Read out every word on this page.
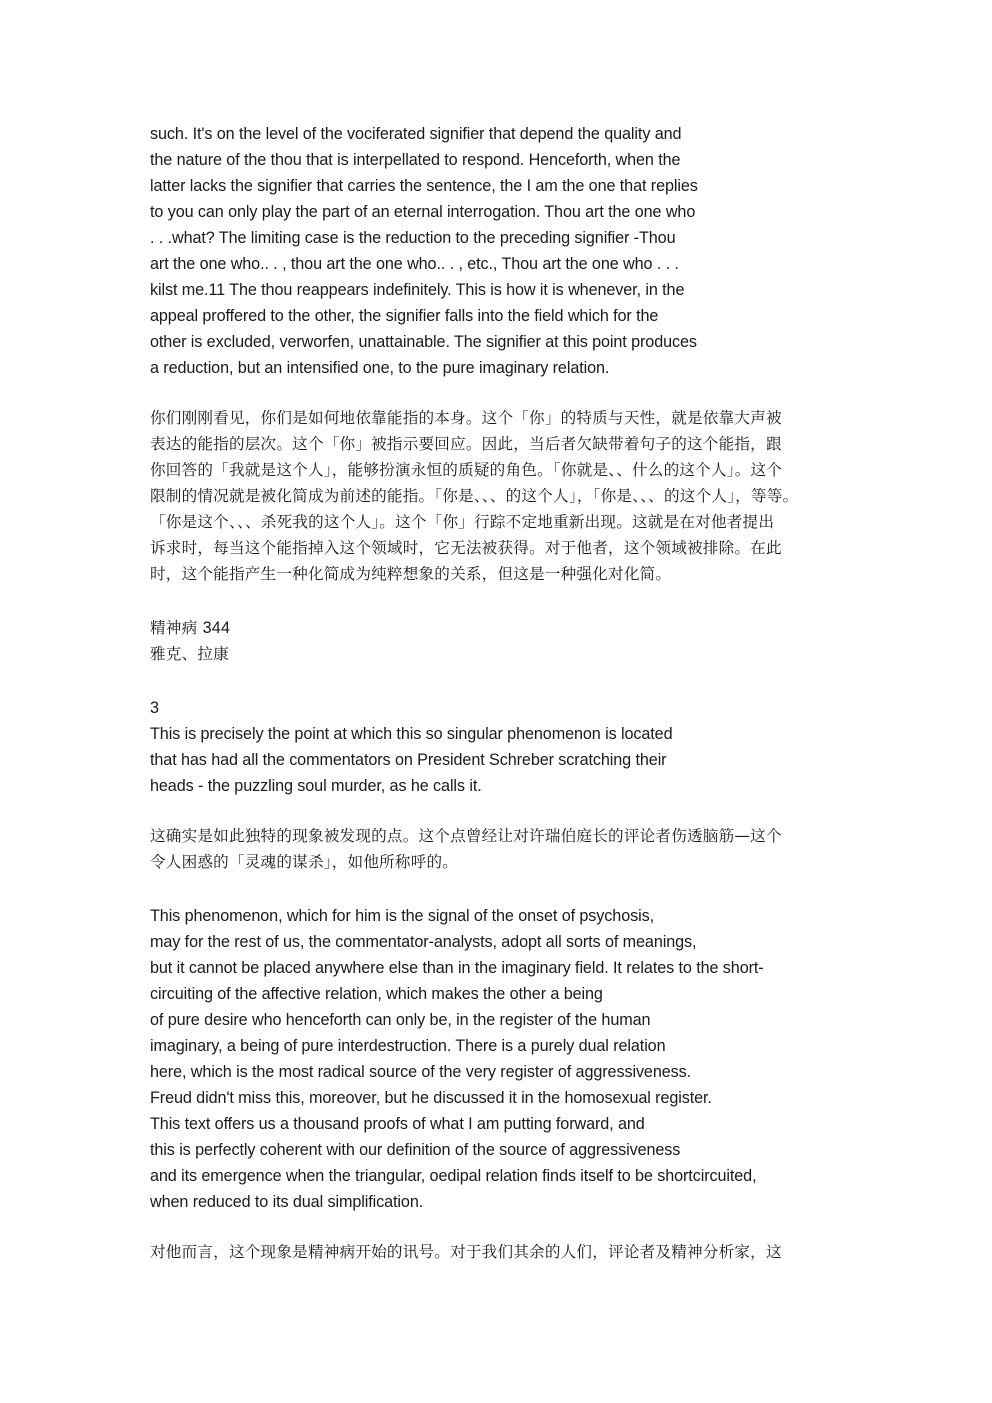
such. It's on the level of the vociferated signifier that depend the quality and
the nature of the thou that is interpellated to respond. Henceforth, when the
latter lacks the signifier that carries the sentence, the I am the one that replies
to you can only play the part of an eternal interrogation. Thou art the one who
. . .what? The limiting case is the reduction to the preceding signifier -Thou
art the one who.. . , thou art the one who.. . , etc., Thou art the one who . . .
kilst me.11 The thou reappears indefinitely. This is how it is whenever, in the
appeal proffered to the other, the signifier falls into the field which for the
other is excluded, verworfen, unattainable. The signifier at this point produces
a reduction, but an intensified one, to the pure imaginary relation.
你们刚刚看见，你们是如何地依靠能指的本身。这个「你」的特质与天性，就是依靠大声被
表达的能指的层次。这个「你」被指示要回应。因此，当后者欠缺带着句子的这个能指，跟
你回答的「我就是这个人」，能够扮演永恒的质疑的角色。「你就是、、什么的这个人」。这个
限制的情况就是被化简成为前述的能指。「你是、、、的这个人」，「你是、、、的这个人」，等等。
「你是这个、、、杀死我的这个人」。这个「你」行踪不定地重新出现。这就是在对他者提出
诉求时，每当这个能指掉入这个领域时，它无法被获得。对于他者，这个领域被排除。在此
时，这个能指产生一种化简成为纯粹想象的关系，但这是一种强化对化简。
精神病 344
雅克、拉康
3
This is precisely the point at which this so singular phenomenon is located
that has had all the commentators on President Schreber scratching their
heads - the puzzling soul murder, as he calls it.
这确实是如此独特的现象被发现的点。这个点曾经让对许瑞伯庭长的评论者伤透脑筋—这个
令人困惑的「灵魂的谋杀」，如他所称呼的。
This phenomenon, which for him is the signal of the onset of psychosis,
may for the rest of us, the commentator-analysts, adopt all sorts of meanings,
but it cannot be placed anywhere else than in the imaginary field. It relates to the short-
circuiting of the affective relation, which makes the other a being
of pure desire who henceforth can only be, in the register of the human
imaginary, a being of pure interdestruction. There is a purely dual relation
here, which is the most radical source of the very register of aggressiveness.
Freud didn't miss this, moreover, but he discussed it in the homosexual register.
This text offers us a thousand proofs of what I am putting forward, and
this is perfectly coherent with our definition of the source of aggressiveness
and its emergence when the triangular, oedipal relation finds itself to be shortcircuited,
when reduced to its dual simplification.
对他而言，这个现象是精神病开始的讯号。对于我们其余的人们，评论者及精神分析家，这
